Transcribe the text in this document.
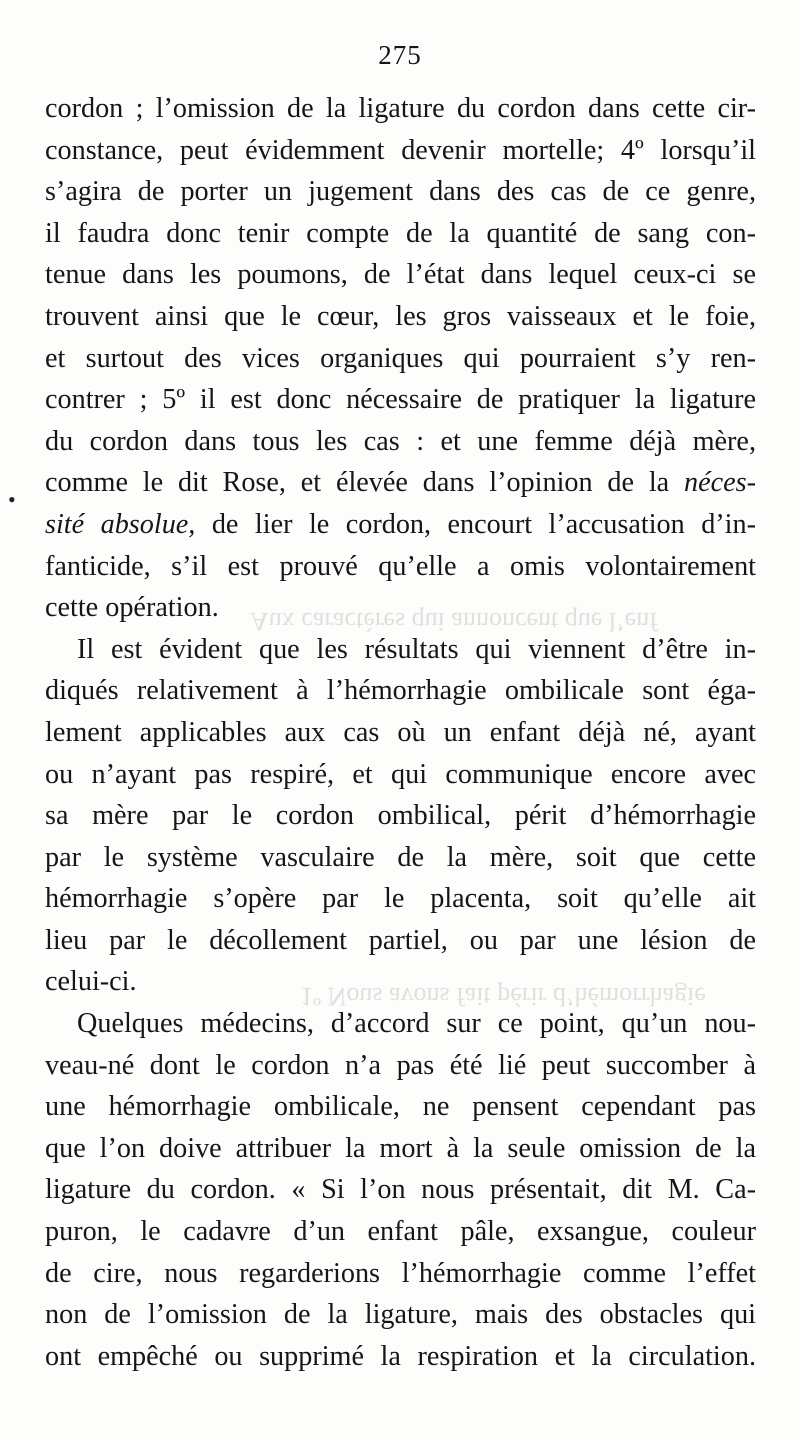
275
Aux caractères qui annoncent que l’enf
1º Nous avons fait périr d’hémorrhagie
•
cordon ; l’omission de la ligature du cordon dans cette cir-
constance, peut évidemment devenir mortelle; 4º lorsqu’il
s’agira de porter un jugement dans des cas de ce genre,
il faudra donc tenir compte de la quantité de sang con-
tenue dans les poumons, de l’état dans lequel ceux-ci se
trouvent ainsi que le cœur, les gros vaisseaux et le foie,
et surtout des vices organiques qui pourraient s’y ren-
contrer ; 5º il est donc nécessaire de pratiquer la ligature
du cordon dans tous les cas : et une femme déjà mère,
comme le dit Rose, et élevée dans l’opinion de la néces-
sité absolue, de lier le cordon, encourt l’accusation d’in-
fanticide, s’il est prouvé qu’elle a omis volontairement
cette opération.
Il est évident que les résultats qui viennent d’être in-
diqués relativement à l’hémorrhagie ombilicale sont éga-
lement applicables aux cas où un enfant déjà né, ayant
ou n’ayant pas respiré, et qui communique encore avec
sa mère par le cordon ombilical, périt d’hémorrhagie
par le système vasculaire de la mère, soit que cette
hémorrhagie s’opère par le placenta, soit qu’elle ait
lieu par le décollement partiel, ou par une lésion de
celui-ci.
Quelques médecins, d’accord sur ce point, qu’un nou-
veau-né dont le cordon n’a pas été lié peut succomber à
une hémorrhagie ombilicale, ne pensent cependant pas
que l’on doive attribuer la mort à la seule omission de la
ligature du cordon. « Si l’on nous présentait, dit M. Ca-
puron, le cadavre d’un enfant pâle, exsangue, couleur
de cire, nous regarderions l’hémorrhagie comme l’effet
non de l’omission de la ligature, mais des obstacles qui
ont empêché ou supprimé la respiration et la circulation.
